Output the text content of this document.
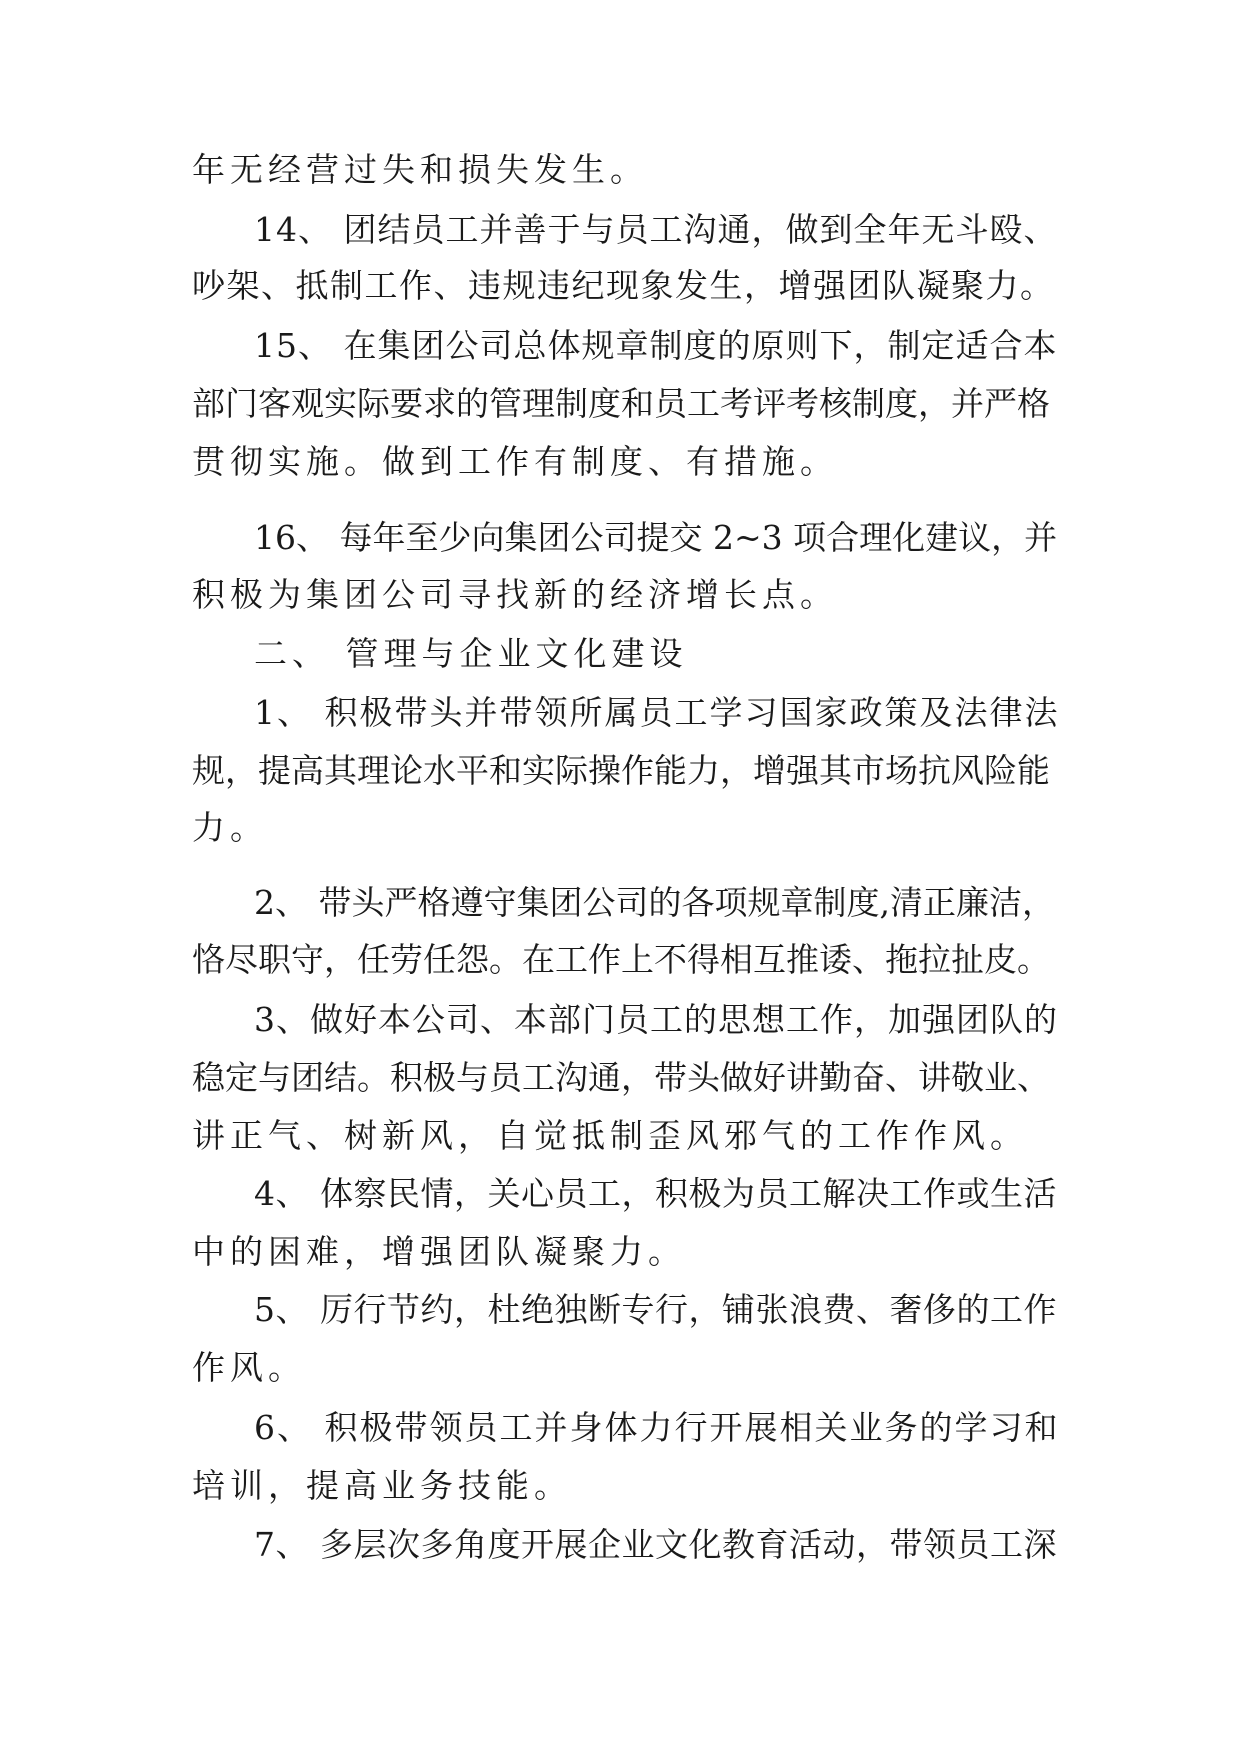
年无经营过失和损失发生。
14、 团结员工并善于与员工沟通，做到全年无斗殴、
吵架、抵制工作、违规违纪现象发生，增强团队凝聚力。
15、 在集团公司总体规章制度的原则下，制定适合本
部门客观实际要求的管理制度和员工考评考核制度，并严格
贯彻实施。做到工作有制度、有措施。
16、 每年至少向集团公司提交 2~3 项合理化建议，并
积极为集团公司寻找新的经济增长点。
二、 管理与企业文化建设
1、 积极带头并带领所属员工学习国家政策及法律法
规，提高其理论水平和实际操作能力，增强其市场抗风险能
力。
2、 带头严格遵守集团公司的各项规章制度,清正廉洁，
恪尽职守，任劳任怨。在工作上不得相互推诿、拖拉扯皮。
3、做好本公司、本部门员工的思想工作，加强团队的
稳定与团结。积极与员工沟通，带头做好讲勤奋、讲敬业、
讲正气、树新风，自觉抵制歪风邪气的工作作风。
4、 体察民情，关心员工，积极为员工解决工作或生活
中的困难，增强团队凝聚力。
5、 厉行节约，杜绝独断专行，铺张浪费、奢侈的工作
作风。
6、 积极带领员工并身体力行开展相关业务的学习和
培训，提高业务技能。
7、 多层次多角度开展企业文化教育活动，带领员工深
